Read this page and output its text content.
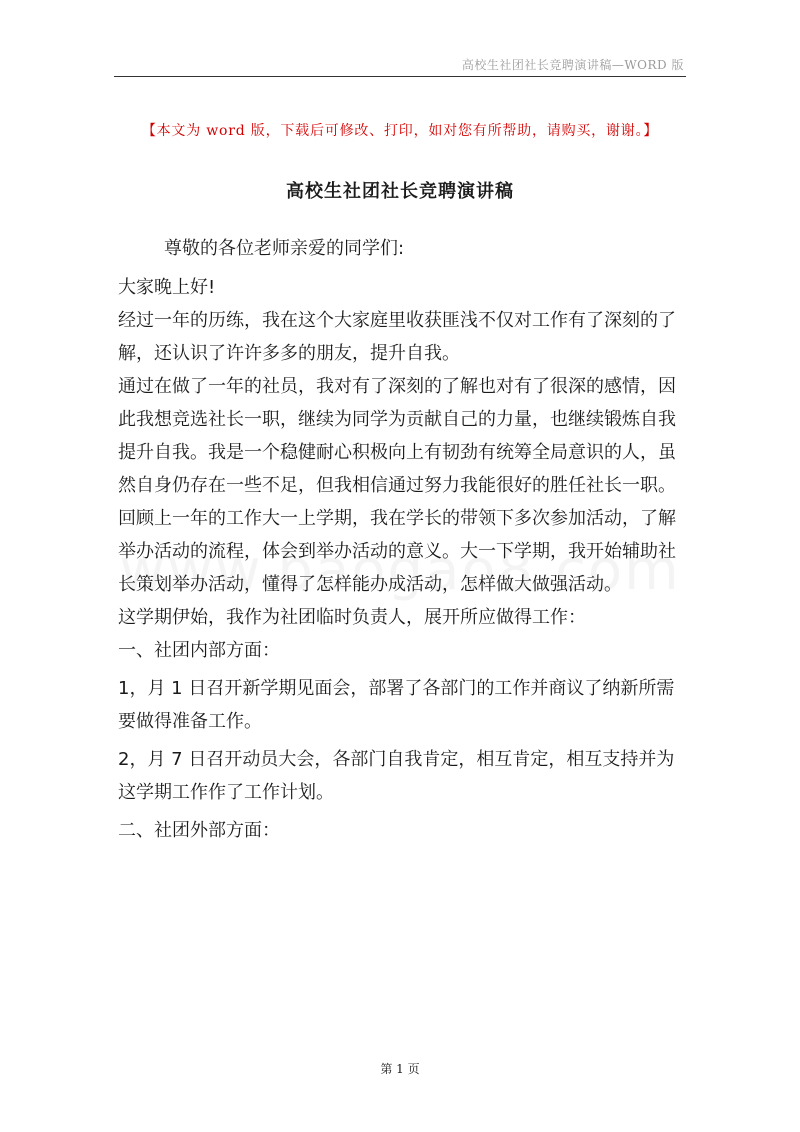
高校生社团社长竞聘演讲稿—WORD 版
【本文为 word 版，下载后可修改、打印，如对您有所帮助，请购买，谢谢。】
高校生社团社长竞聘演讲稿

尊敬的各位老师亲爱的同学们:

大家晚上好!

经过一年的历练，我在这个大家庭里收获匪浅不仅对工作有了深刻的了解，还认识了许许多多的朋友，提升自我。

通过在做了一年的社员，我对有了深刻的了解也对有了很深的感情，因此我想竞选社长一职，继续为同学为贡献自己的力量，也继续锻炼自我提升自我。我是一个稳健耐心积极向上有韧劲有统筹全局意识的人，虽然自身仍存在一些不足，但我相信通过努力我能很好的胜任社长一职。

回顾上一年的工作大一上学期，我在学长的带领下多次参加活动，了解举办活动的流程，体会到举办活动的意义。大一下学期，我开始辅助社长策划举办活动，懂得了怎样能办成活动，怎样做大做强活动。

这学期伊始，我作为社团临时负责人，展开所应做得工作：

一、社团内部方面：

1，月 1 日召开新学期见面会，部署了各部门的工作并商议了纳新所需要做得准备工作。

2，月 7 日召开动员大会，各部门自我肯定，相互肯定，相互支持并为这学期工作作了工作计划。

二、社团外部方面：

第 1 页
